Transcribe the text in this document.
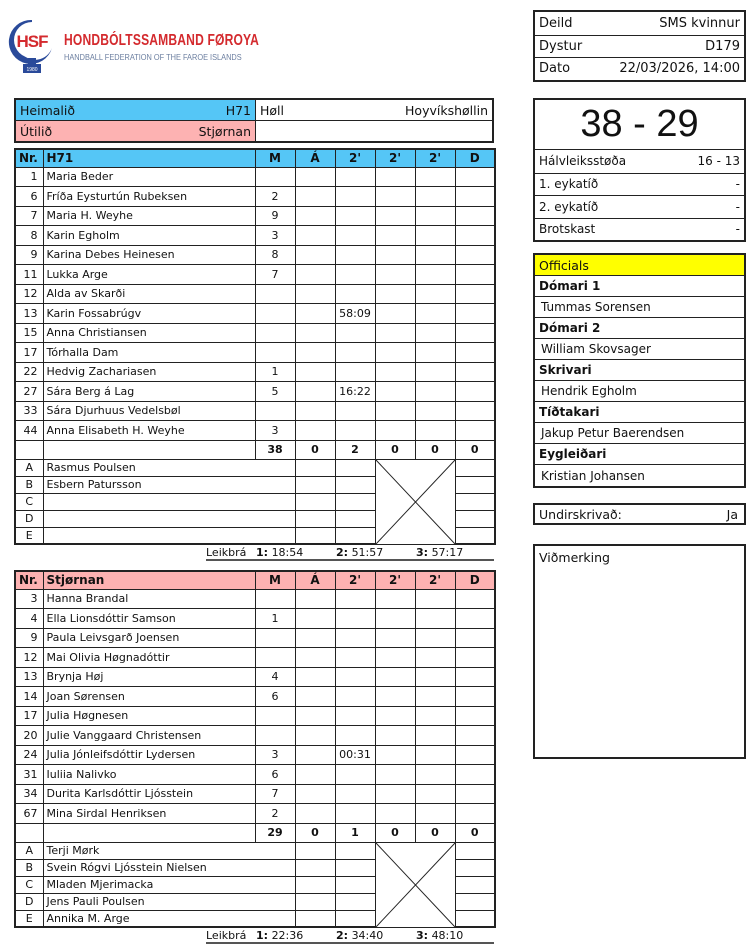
HSF
1980
HONDBÓLTSSAMBAND FØROYA
HANDBALL FEDERATION OF THE FAROE ISLANDS
Deild	SMS kvinnur
Dystur	D179
Dato	22/03/2026, 14:00
Heimalið	H71
Útilið	Stjørnan
Høll	Hoyvíkshøllin
Nr.	H71	M	Á	2'	2'	2'	D
1	Maria Beder						
6	Fríða Eysturtún Rubeksen	2					
7	Maria H. Weyhe	9					
8	Karin Egholm	3					
9	Karina Debes Heinesen	8					
11	Lukka Arge	7					
12	Alda av Skarði						
13	Karin Fossabrúgv			58:09			
15	Anna Christiansen						
17	Tórhalla Dam						
22	Hedvig Zachariasen	1					
27	Sára Berg á Lag	5		16:22			
33	Sára Djurhuus Vedelsbøl						
44	Anna Elisabeth H. Weyhe	3					
		38	0	2	0	0	0
A	Rasmus Poulsen			

B	Esbern Patursson						
C							
D							
E							
Leikbrá 1: 18:54	2: 51:57	3: 57:17
Nr.	Stjørnan	M	Á	2'	2'	2'	D
3	Hanna Brandal						
4	Ella Lionsdóttir Samson	1					
9	Paula Leivsgarð Joensen						
12	Mai Olivia Høgnadóttir						
13	Brynja Høj	4					
14	Joan Sørensen	6					
17	Julia Høgnesen						
20	Julie Vanggaard Christensen						
24	Julia Jónleifsdóttir Lydersen	3		00:31			
31	Iuliia Nalivko	6					
34	Durita Karlsdóttir Ljósstein	7					
67	Mina Sirdal Henriksen	2					
		29	0	1	0	0	0
A	Terji Mørk			

B	Svein Rógvi Ljósstein Nielsen						
C	Mladen Mjerimacka						
D	Jens Pauli Poulsen						
E	Annika M. Arge						
Leikbrá 1: 22:36	2: 34:40	3: 48:10
38 - 29
Hálvleiksstøða	16 - 13
1. eykatíð	-
2. eykatíð	-
Brotskast	-
Officials
Dómari 1
Tummas Sorensen
Dómari 2
William Skovsager
Skrivari
Hendrik Egholm
Tíðtakari
Jakup Petur Baerendsen
Eygleiðari
Kristian Johansen
Undirskrivað:	Ja
Viðmerking
